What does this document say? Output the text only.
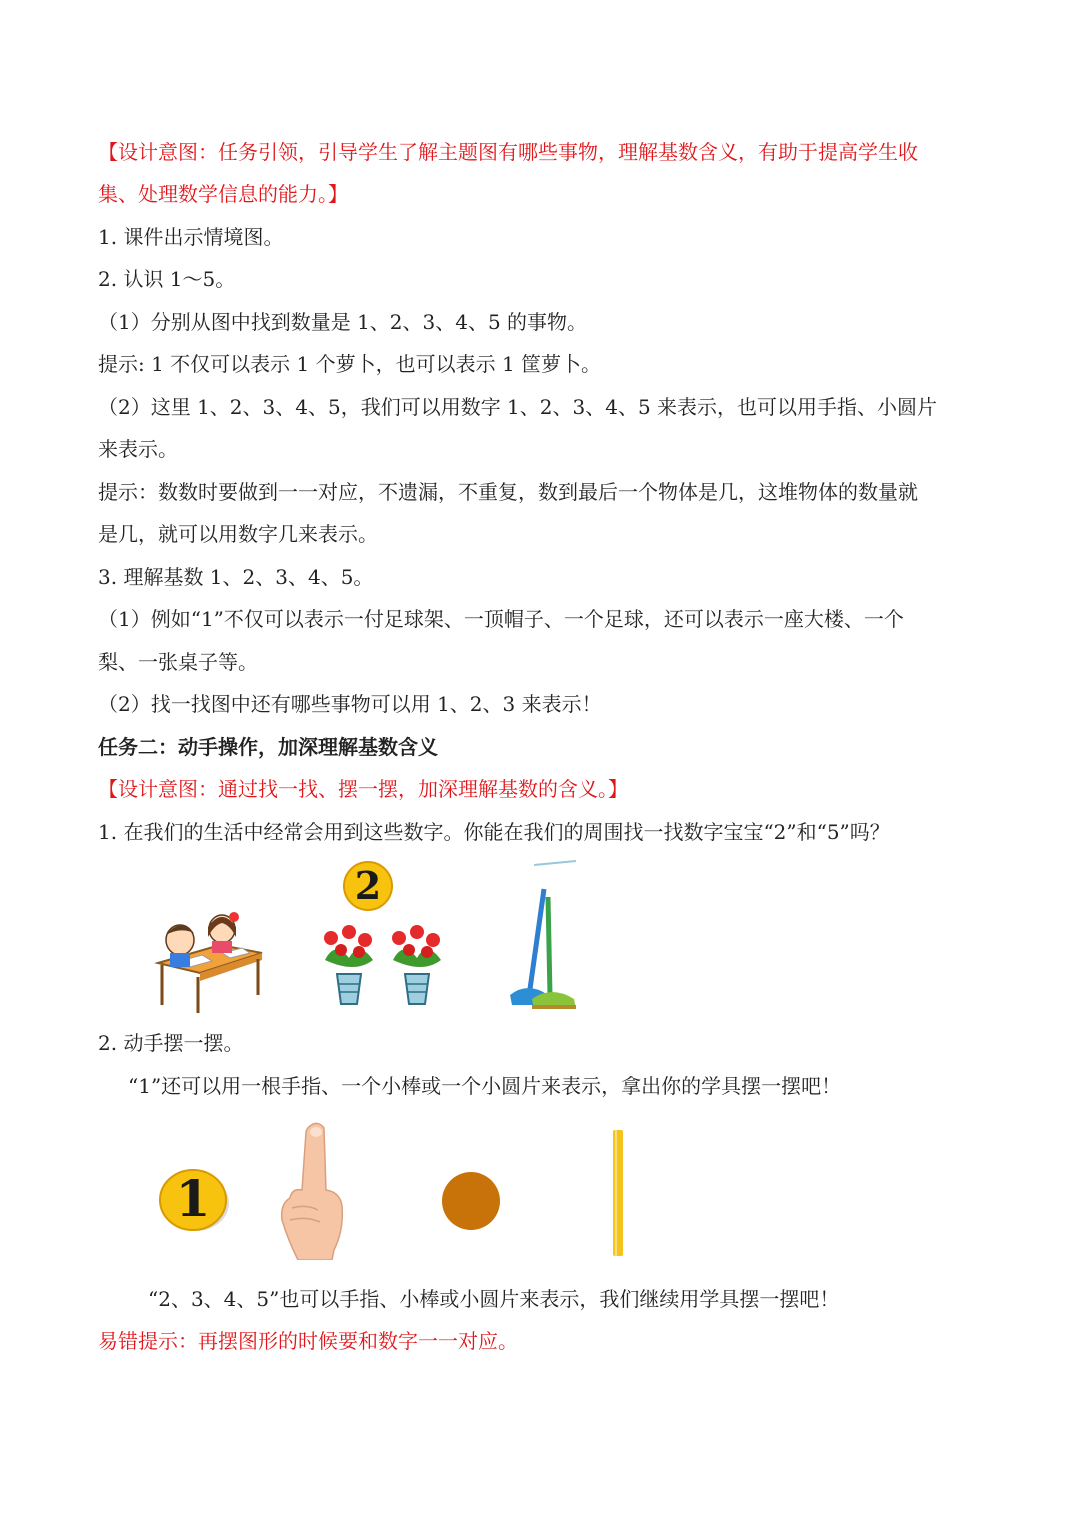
【设计意图：任务引领，引导学生了解主题图有哪些事物，理解基数含义，有助于提高学生收
集、处理数学信息的能力。】
1. 课件出示情境图。
2. 认识 1～5。
（1）分别从图中找到数量是 1、2、3、4、5 的事物。
提示: 1 不仅可以表示 1 个萝卜，也可以表示 1 筐萝卜。
（2）这里 1、2、3、4、5，我们可以用数字 1、2、3、4、5 来表示，也可以用手指、小圆片
来表示。
提示：数数时要做到一一对应，不遗漏，不重复，数到最后一个物体是几，这堆物体的数量就
是几，就可以用数字几来表示。
3. 理解基数 1、2、3、4、5。
（1）例如“1”不仅可以表示一付足球架、一顶帽子、一个足球，还可以表示一座大楼、一个
梨、一张桌子等。
（2）找一找图中还有哪些事物可以用 1、2、3 来表示！
任务二：动手操作，加深理解基数含义
【设计意图：通过找一找、摆一摆，加深理解基数的含义。】
1. 在我们的生活中经常会用到这些数字。你能在我们的周围找一找数字宝宝“2”和“5”吗？
2
2. 动手摆一摆。
“1”还可以用一根手指、一个小棒或一个小圆片来表示，拿出你的学具摆一摆吧！
1
“2、3、4、5”也可以手指、小棒或小圆片来表示，我们继续用学具摆一摆吧！
易错提示：再摆图形的时候要和数字一一对应。
